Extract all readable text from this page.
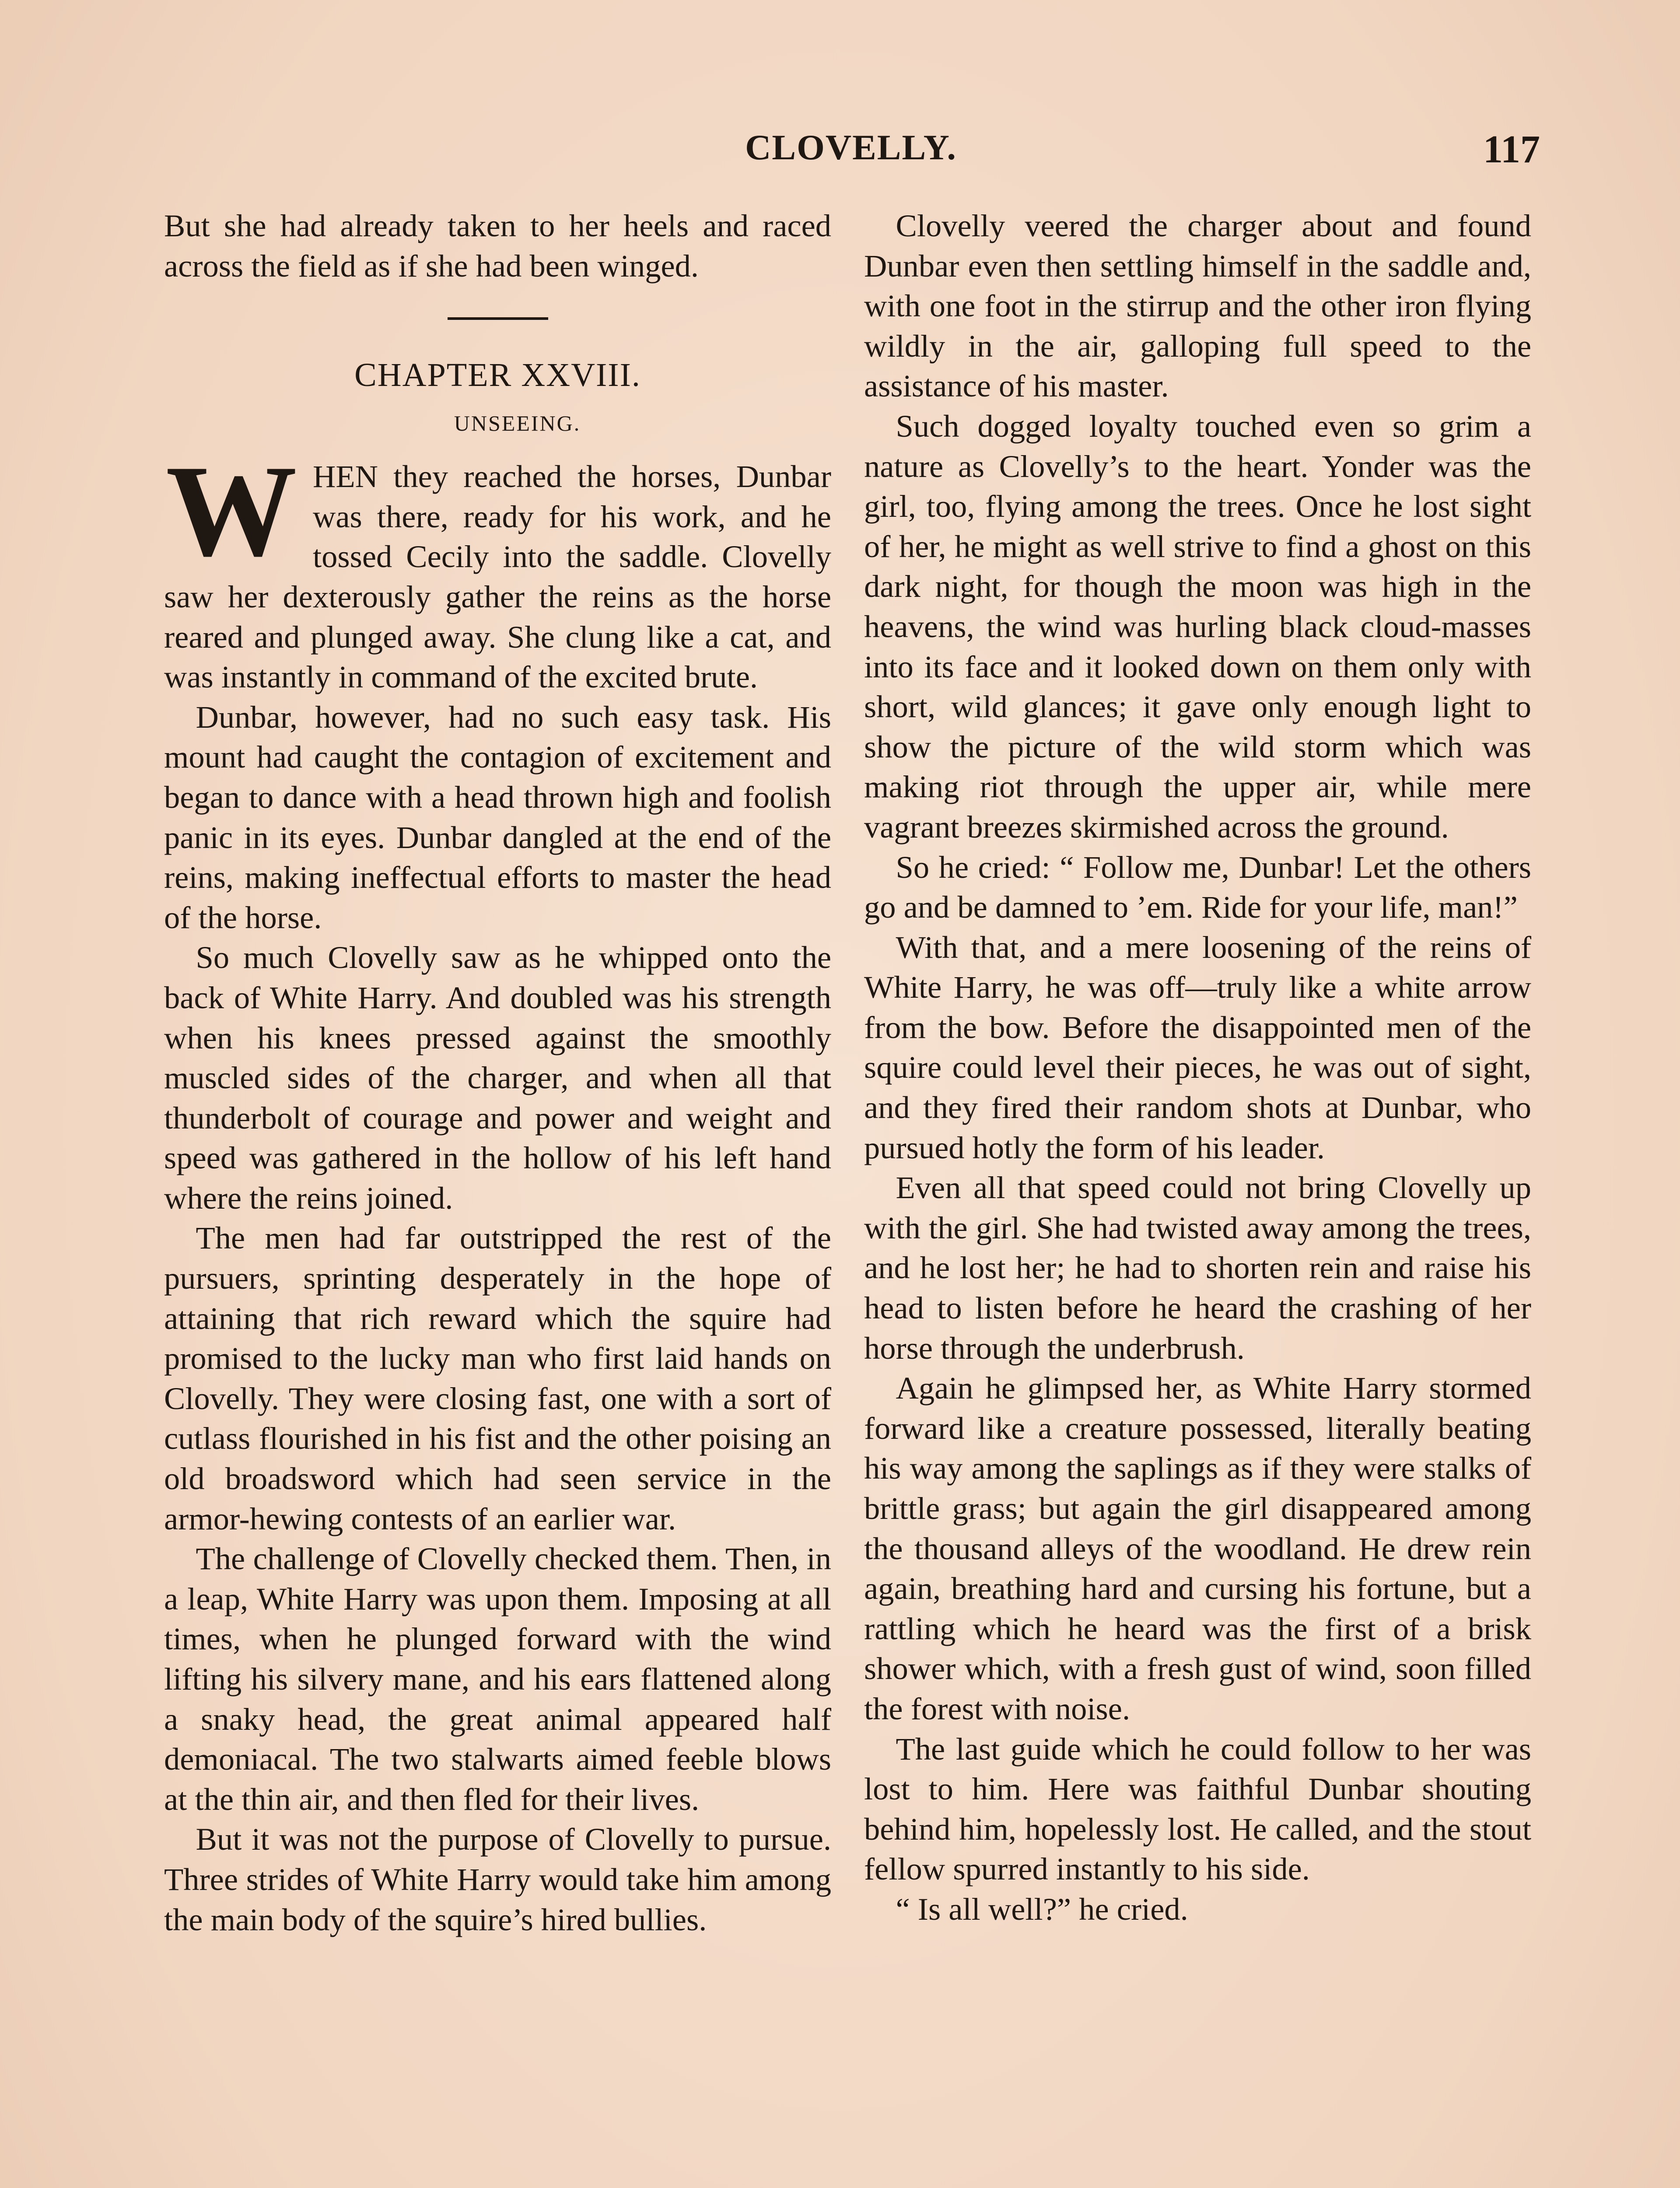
CLOVELLY.	117

But she had already taken to her heels and raced across the field as if she had been winged.

CHAPTER XXVIII.
UNSEEING.

WHEN they reached the horses, Dunbar was there, ready for his work, and he tossed Cecily into the saddle. Clovelly saw her dexterously gather the reins as the horse reared and plunged away. She clung like a cat, and was instantly in command of the excited brute.

Dunbar, however, had no such easy task. His mount had caught the contagion of excitement and began to dance with a head thrown high and foolish panic in its eyes. Dunbar dangled at the end of the reins, making ineffectual efforts to master the head of the horse.

So much Clovelly saw as he whipped onto the back of White Harry. And doubled was his strength when his knees pressed against the smoothly muscled sides of the charger, and when all that thunderbolt of courage and power and weight and speed was gathered in the hollow of his left hand where the reins joined.

The men had far outstripped the rest of the pursuers, sprinting desperately in the hope of attaining that rich reward which the squire had promised to the lucky man who first laid hands on Clovelly. They were closing fast, one with a sort of cutlass flourished in his fist and the other poising an old broadsword which had seen service in the armor-hewing contests of an earlier war.

The challenge of Clovelly checked them. Then, in a leap, White Harry was upon them. Imposing at all times, when he plunged forward with the wind lifting his silvery mane, and his ears flattened along a snaky head, the great animal appeared half demoniacal. The two stalwarts aimed feeble blows at the thin air, and then fled for their lives.

But it was not the purpose of Clovelly to pursue. Three strides of White Harry would take him among the main body of the squire’s hired bullies.

Clovelly veered the charger about and found Dunbar even then settling himself in the saddle and, with one foot in the stirrup and the other iron flying wildly in the air, galloping full speed to the assistance of his master.

Such dogged loyalty touched even so grim a nature as Clovelly’s to the heart. Yonder was the girl, too, flying among the trees. Once he lost sight of her, he might as well strive to find a ghost on this dark night, for though the moon was high in the heavens, the wind was hurling black cloud-masses into its face and it looked down on them only with short, wild glances; it gave only enough light to show the picture of the wild storm which was making riot through the upper air, while mere vagrant breezes skirmished across the ground.

So he cried: “ Follow me, Dunbar! Let the others go and be damned to ’em. Ride for your life, man!”

With that, and a mere loosening of the reins of White Harry, he was off—truly like a white arrow from the bow. Before the disappointed men of the squire could level their pieces, he was out of sight, and they fired their random shots at Dunbar, who pursued hotly the form of his leader.

Even all that speed could not bring Clovelly up with the girl. She had twisted away among the trees, and he lost her; he had to shorten rein and raise his head to listen before he heard the crashing of her horse through the underbrush.

Again he glimpsed her, as White Harry stormed forward like a creature possessed, literally beating his way among the saplings as if they were stalks of brittle grass; but again the girl disappeared among the thousand alleys of the woodland. He drew rein again, breathing hard and cursing his fortune, but a rattling which he heard was the first of a brisk shower which, with a fresh gust of wind, soon filled the forest with noise.

The last guide which he could follow to her was lost to him. Here was faithful Dunbar shouting behind him, hopelessly lost. He called, and the stout fellow spurred instantly to his side.

“ Is all well?” he cried.
